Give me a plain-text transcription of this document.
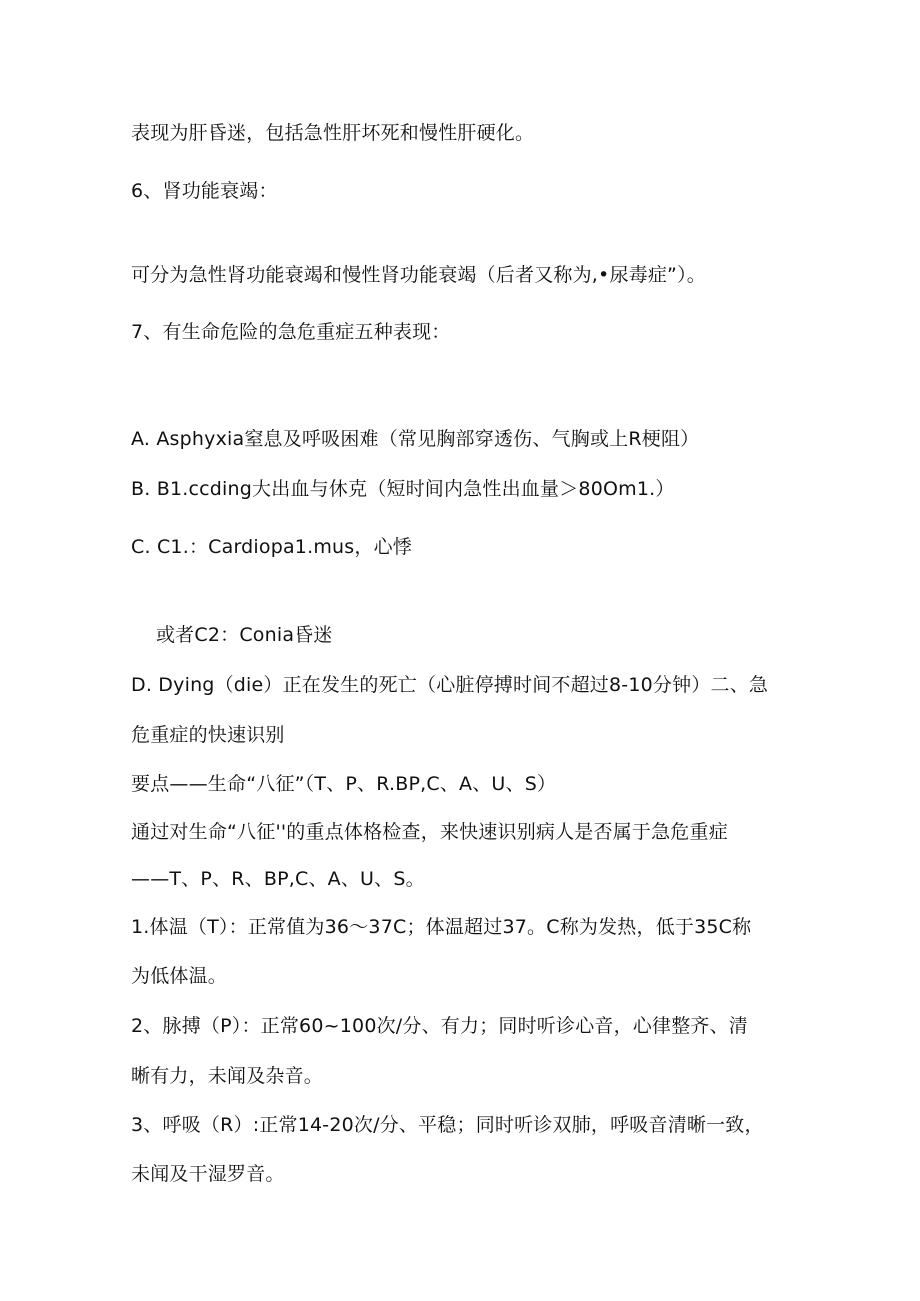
表现为肝昏迷，包括急性肝坏死和慢性肝硬化。
6、肾功能衰竭：
可分为急性肾功能衰竭和慢性肾功能衰竭（后者又称为,•尿毒症”）。
7、有生命危险的急危重症五种表现：
A. Asphyxia窒息及呼吸困难（常见胸部穿透伤、气胸或上R梗阻）
B. B1.ccding大出血与休克（短时间内急性出血量＞80Om1.）
C. C1.：Cardiopa1.mus，心悸
或者C2：Conia昏迷
D. Dying（die）正在发生的死亡（心脏停搏时间不超过8-10分钟）二、急
危重症的快速识别
要点——生命“八征”（T、P、R.BP,C、A、U、S）
通过对生命“八征''的重点体格检查，来快速识别病人是否属于急危重症
——T、P、R、BP,C、A、U、S。
1.体温（T）：正常值为36～37C；体温超过37。C称为发热，低于35C称
为低体温。
2、脉搏（P）：正常60~100次/分、有力；同时听诊心音，心律整齐、清
晰有力，未闻及杂音。
3、呼吸（R）:正常14-20次/分、平稳；同时听诊双肺，呼吸音清晰一致，
未闻及干湿罗音。
